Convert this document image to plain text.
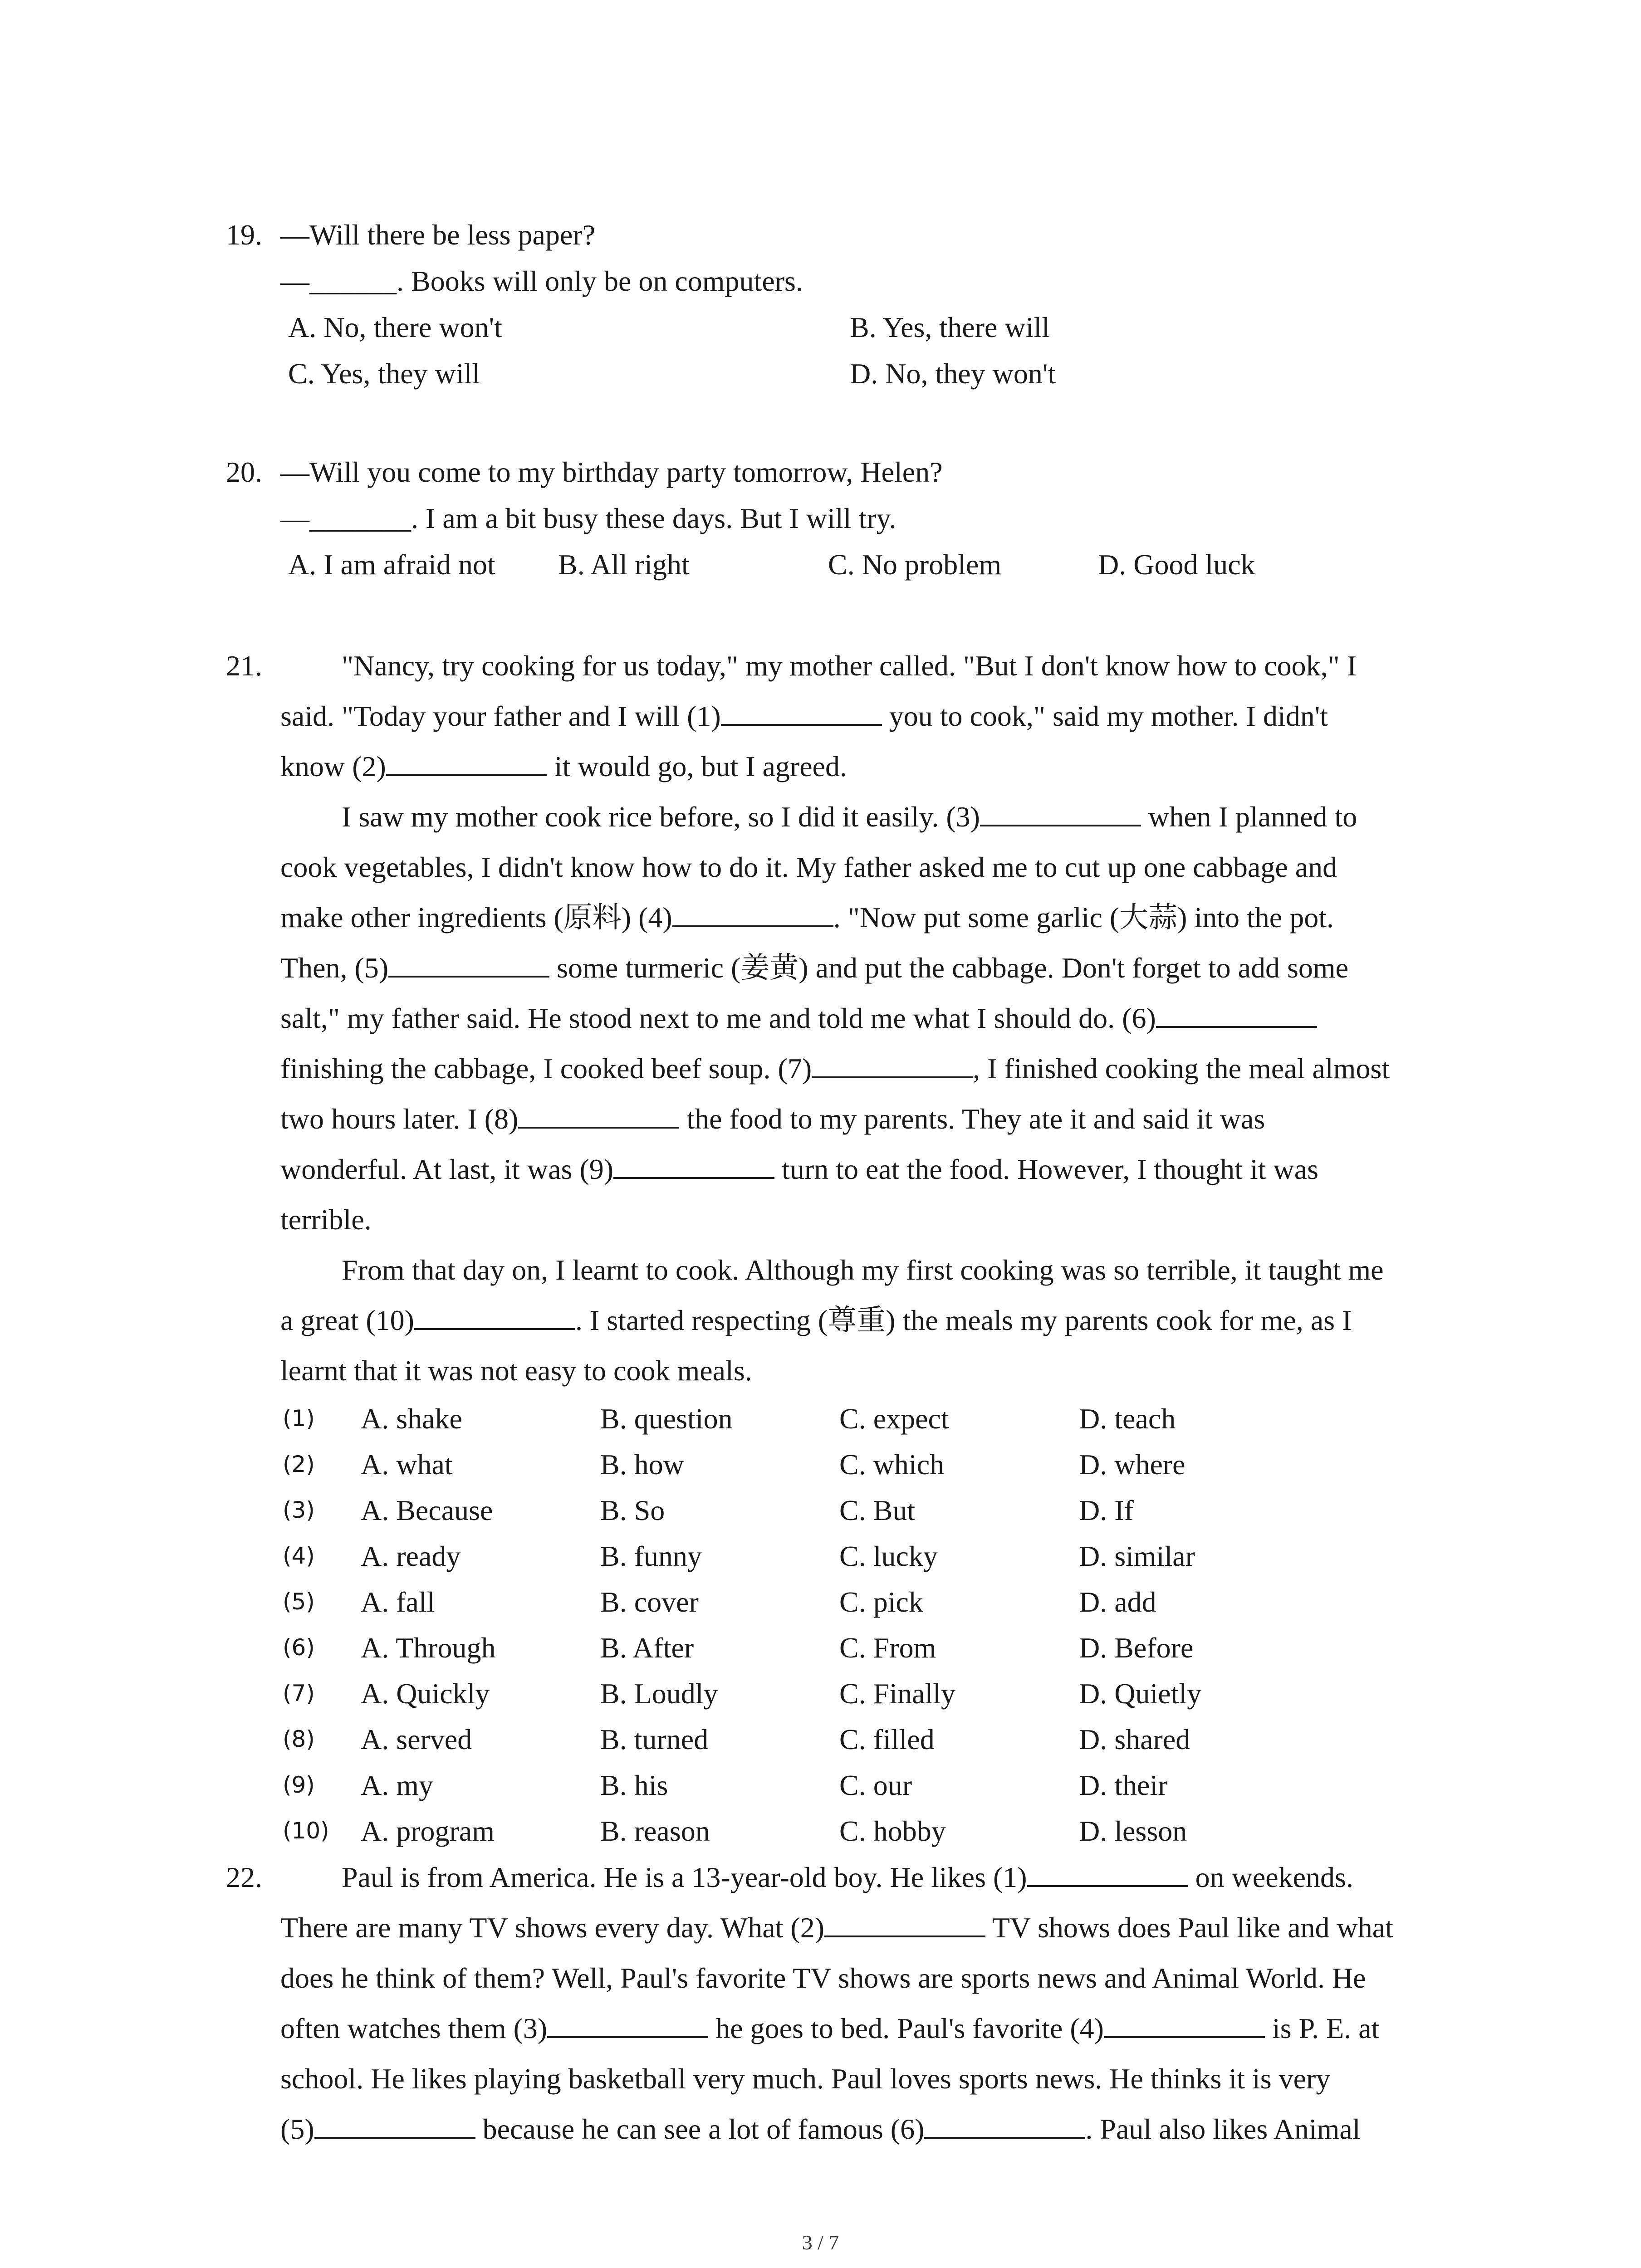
19. —Will there be less paper?
—______. Books will only be on computers.
A. No, there won't	B. Yes, there will
C. Yes, they will	D. No, they won't
20. —Will you come to my birthday party tomorrow, Helen?
—_______. I am a bit busy these days. But I will try.
A. I am afraid not B. All right	C. No problem	D. Good luck
21.	"Nancy, try cooking for us today," my mother called. "But I don't know how to cook," I
said. "Today your father and I will (1)	you to cook," said my mother. I didn't
know (2)	it would go, but I agreed.
I saw my mother cook rice before, so I did it easily. (3)	when I planned to
cook vegetables, I didn't know how to do it. My father asked me to cut up one cabbage and
make other ingredients (原料) (4)	. "Now put some garlic (大蒜) into the pot.
Then, (5)	some turmeric (姜黄) and put the cabbage. Don't forget to add some
salt," my father said. He stood next to me and told me what I should do. (6)
finishing the cabbage, I cooked beef soup. (7)	, I finished cooking the meal almost
two hours later. I (8)	the food to my parents. They ate it and said it was
wonderful. At last, it was (9)	turn to eat the food. However, I thought it was
terrible.
From that day on, I learnt to cook. Although my first cooking was so terrible, it taught me
a great (10)	. I started respecting (尊重) the meals my parents cook for me, as I
learnt that it was not easy to cook meals.
(1) A. shake	B. question	C. expect	D. teach
(2) A. what	B. how	C. which	D. where
(3) A. Because	B. So	C. But	D. If
(4) A. ready	B. funny	C. lucky	D. similar
(5) A. fall	B. cover	C. pick	D. add
(6) A. Through	B. After	C. From	D. Before
(7) A. Quickly	B. Loudly	C. Finally	D. Quietly
(8) A. served	B. turned	C. filled	D. shared
(9) A. my	B. his	C. our	D. their
(10) A. program	B. reason	C. hobby	D. lesson
22.	Paul is from America. He is a 13-year-old boy. He likes (1)	on weekends.
There are many TV shows every day. What (2)	TV shows does Paul like and what
does he think of them? Well, Paul's favorite TV shows are sports news and Animal World. He
often watches them (3)	he goes to bed. Paul's favorite (4)	is P. E. at
school. He likes playing basketball very much. Paul loves sports news. He thinks it is very
(5)	because he can see a lot of famous (6)	. Paul also likes Animal
3 / 7
